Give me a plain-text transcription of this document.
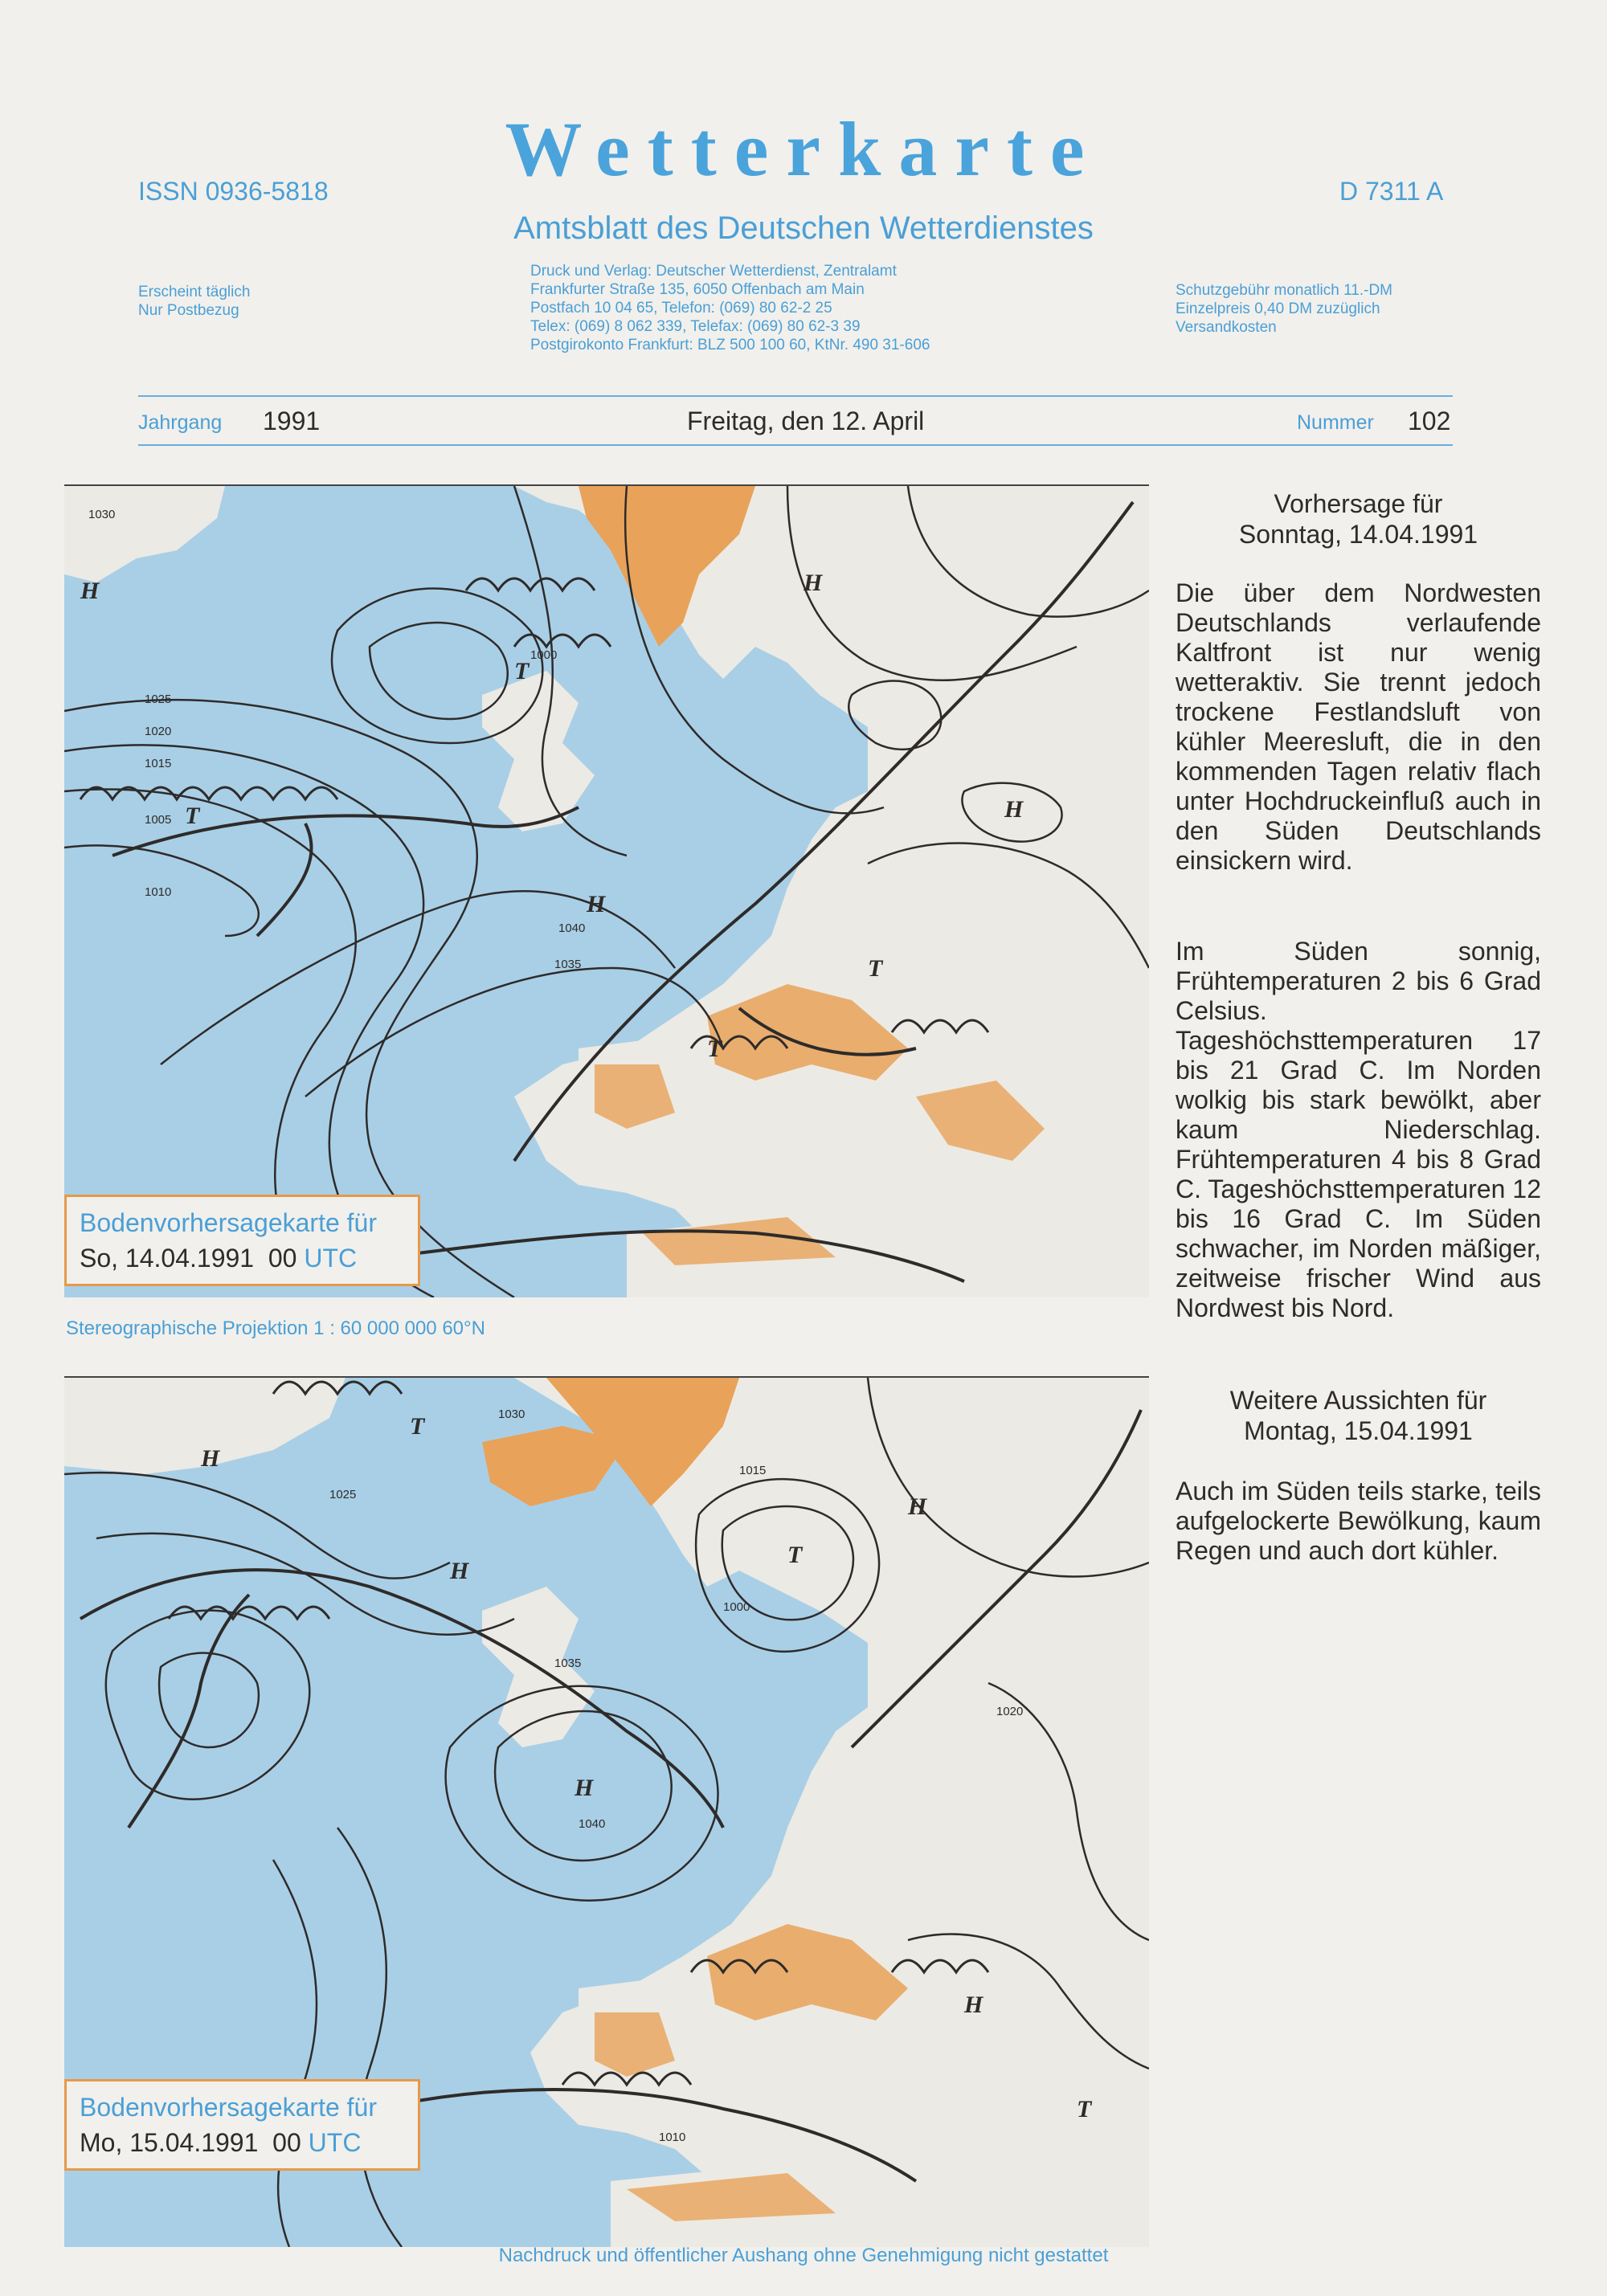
ISSN 0936-5818	Wetterkarte	D 7311 A
Amtsblatt des Deutschen Wetterdienstes
Erscheint täglich
Nur Postbezug
Druck und Verlag: Deutscher Wetterdienst, Zentralamt
Frankfurter Straße 135, 6050 Offenbach am Main
Postfach 10 04 65, Telefon: (069) 80 62-2 25
Telex: (069) 8 062 339, Telefax: (069) 80 62-3 39
Postgirokonto Frankfurt: BLZ 500 100 60, KtNr. 490 31-606
Schutzgebühr monatlich 11.-DM
Einzelpreis 0,40 DM zuzüglich
Versandkosten
Jahrgang 1991	Freitag, den 12. April	Nummer 102
1030
1025
1020
1015
1010
1005
1000
1035
1040
H
T
H
H
T
H
T
T
Bodenvorhersagekarte für
So, 14.04.1991 00 UTC
Stereographische Projektion 1 : 60 000 000 60°N
1030
1025
1015
1000
1035
1040
1020
1010
H
T
H
H
T
H
H
T
Bodenvorhersagekarte für
Mo, 15.04.1991 00 UTC
Vorhersage für
Sonntag, 14.04.1991

Die über dem Nordwesten Deutschlands verlaufende Kaltfront ist nur wenig wetteraktiv. Sie trennt jedoch trockene Festlandsluft von kühler Meeresluft, die in den kommenden Tagen relativ flach unter Hochdruckeinfluß auch in den Süden Deutschlands einsickern wird.

Im Süden sonnig, Frühtemperaturen 2 bis 6 Grad Celsius. Tageshöchsttemperaturen 17 bis 21 Grad C. Im Norden wolkig bis stark bewölkt, aber kaum Niederschlag. Frühtemperaturen 4 bis 8 Grad C. Tageshöchsttemperaturen 12 bis 16 Grad C. Im Süden schwacher, im Norden mäßiger, zeitweise frischer Wind aus Nordwest bis Nord.

Weitere Aussichten für
Montag, 15.04.1991

Auch im Süden teils starke, teils aufgelockerte Bewölkung, kaum Regen und auch dort kühler.

Nachdruck und öffentlicher Aushang ohne Genehmigung nicht gestattet
